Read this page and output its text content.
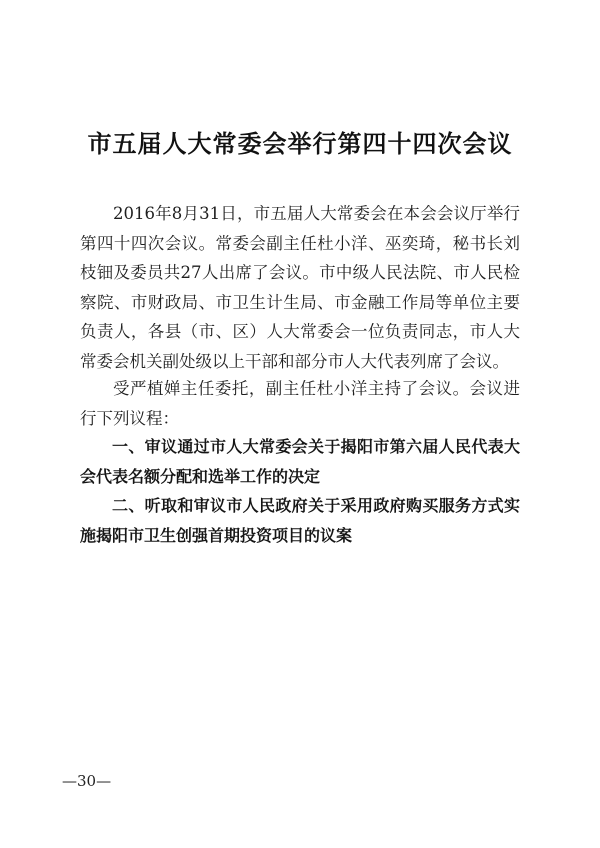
市五届人大常委会举行第四十四次会议

2016年8月31日，市五届人大常委会在本会会议厅举行第四十四次会议。常委会副主任杜小洋、巫奕琦，秘书长刘枝钿及委员共27人出席了会议。市中级人民法院、市人民检察院、市财政局、市卫生计生局、市金融工作局等单位主要负责人，各县（市、区）人大常委会一位负责同志，市人大常委会机关副处级以上干部和部分市人大代表列席了会议。

受严植婵主任委托，副主任杜小洋主持了会议。会议进行下列议程：

一、审议通过市人大常委会关于揭阳市第六届人民代表大会代表名额分配和选举工作的决定

二、听取和审议市人民政府关于采用政府购买服务方式实施揭阳市卫生创强首期投资项目的议案

—30—
